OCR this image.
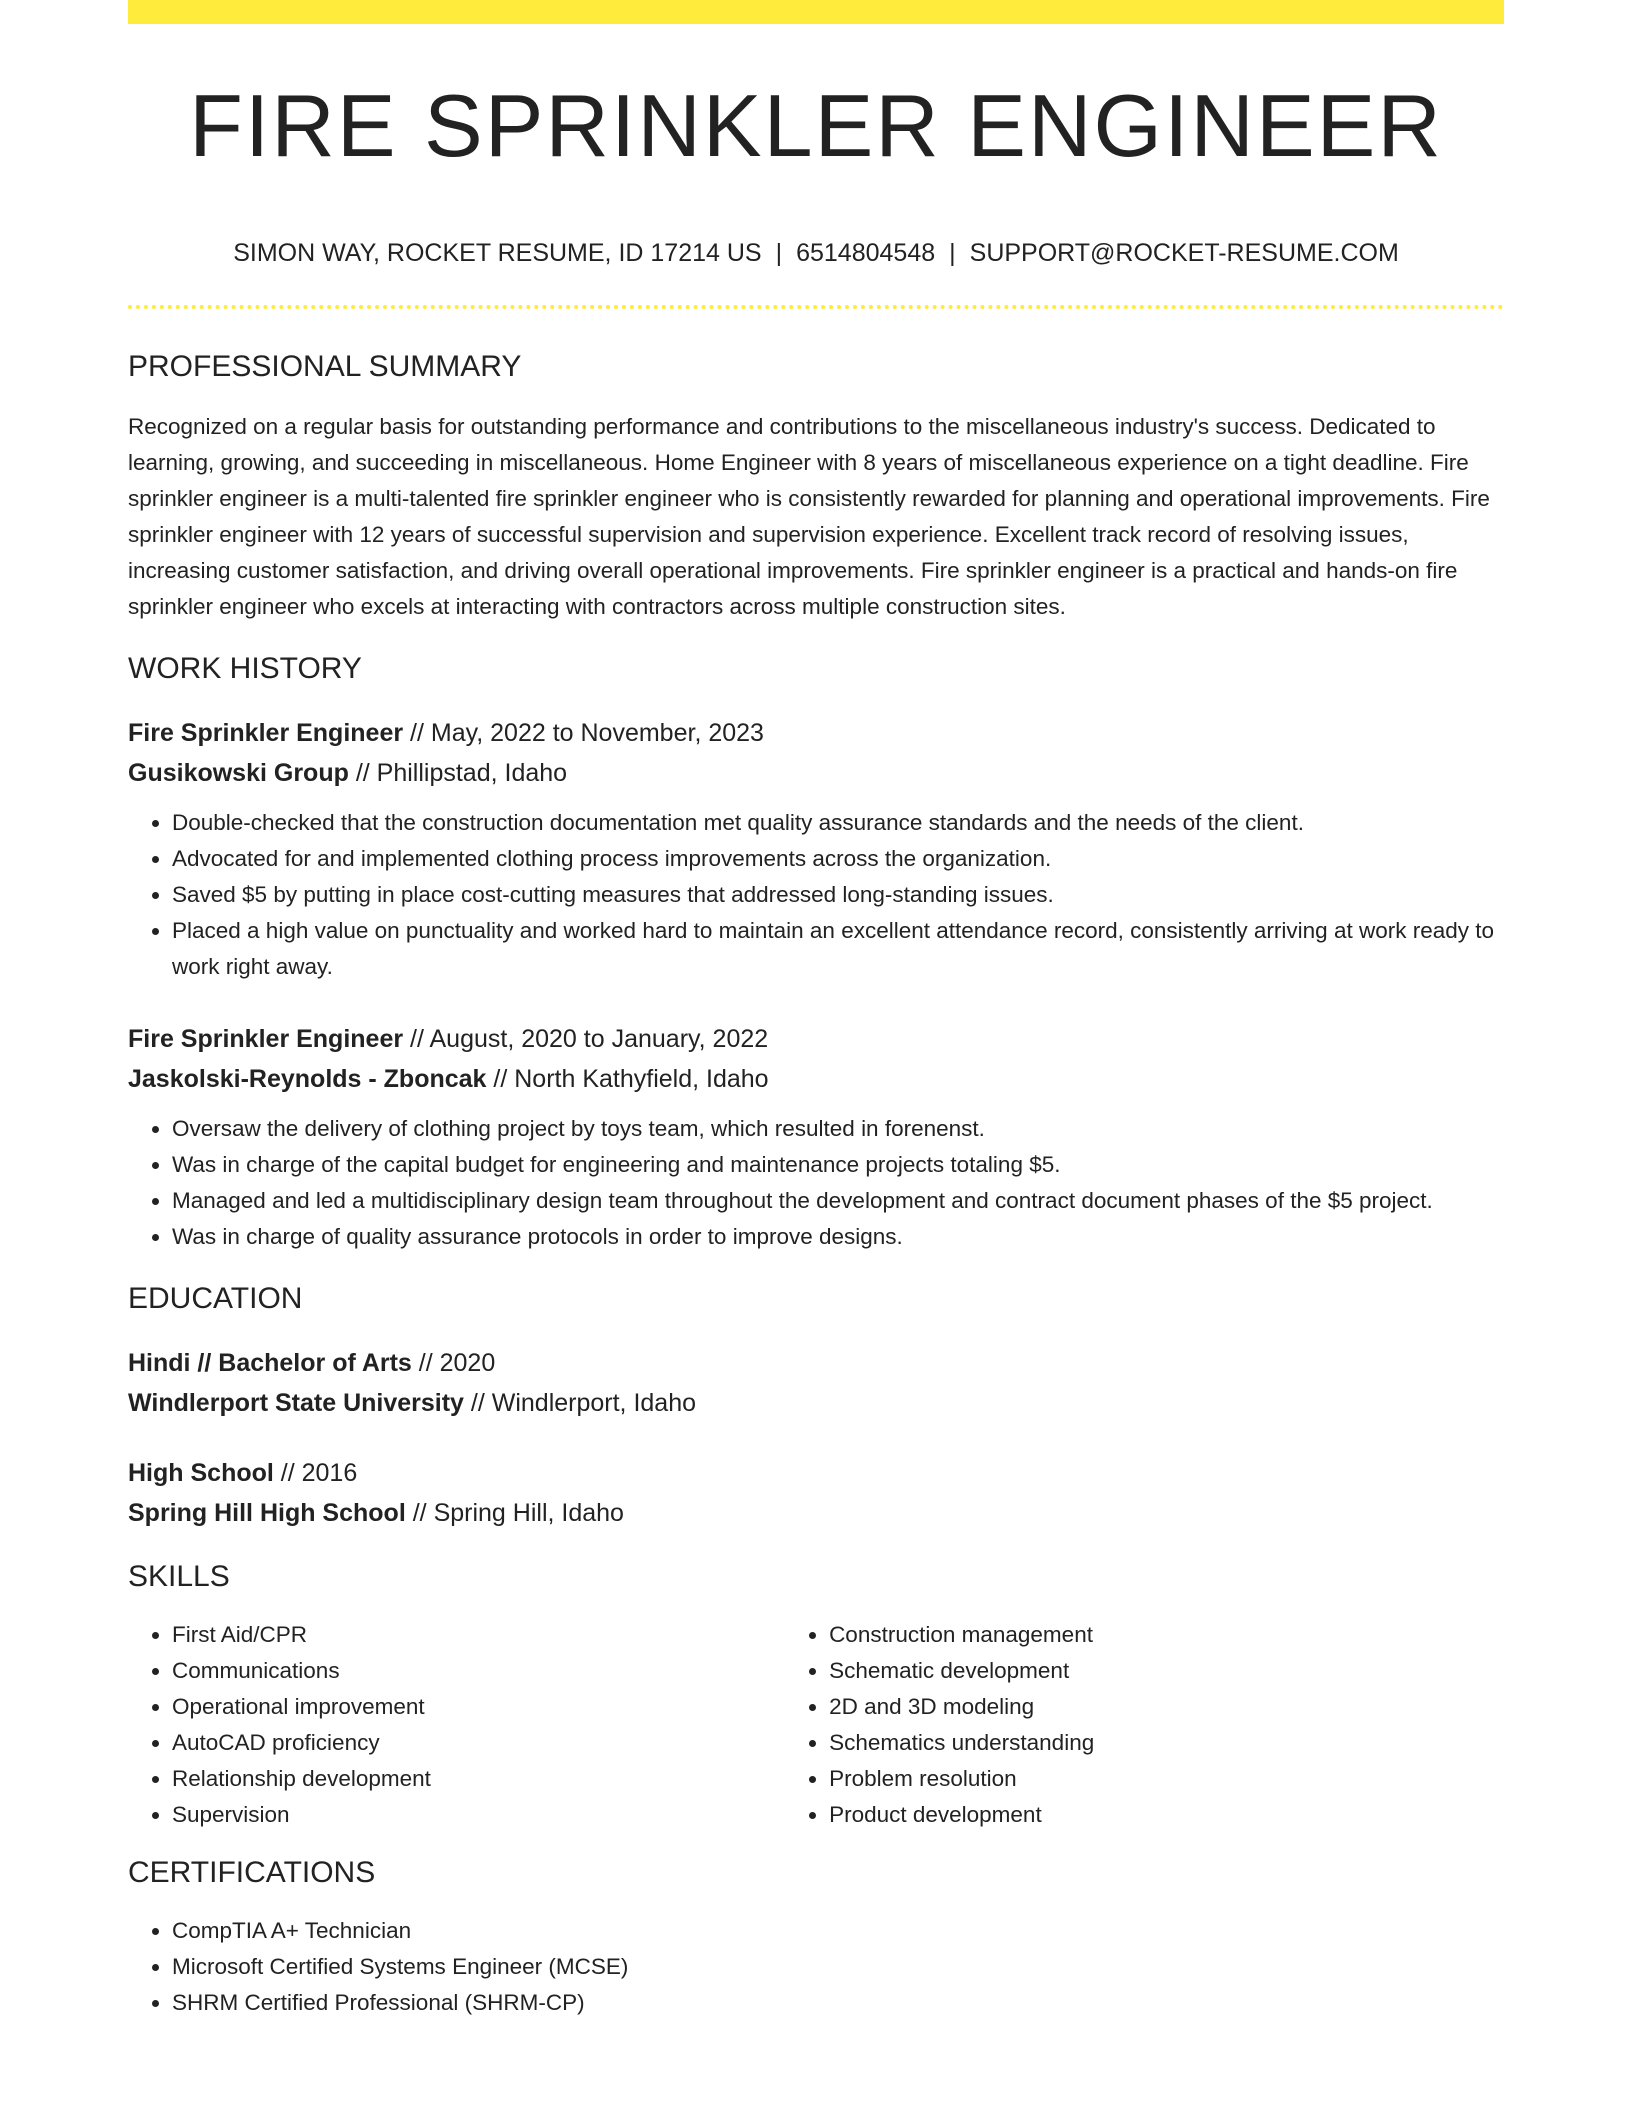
FIRE SPRINKLER ENGINEER
SIMON WAY, ROCKET RESUME, ID 17214 US | 6514804548 | SUPPORT@ROCKET-RESUME.COM
PROFESSIONAL SUMMARY

Recognized on a regular basis for outstanding performance and contributions to the miscellaneous industry's success. Dedicated to learning, growing, and succeeding in miscellaneous. Home Engineer with 8 years of miscellaneous experience on a tight deadline. Fire sprinkler engineer is a multi-talented fire sprinkler engineer who is consistently rewarded for planning and operational improvements. Fire sprinkler engineer with 12 years of successful supervision and supervision experience. Excellent track record of resolving issues, increasing customer satisfaction, and driving overall operational improvements. Fire sprinkler engineer is a practical and hands-on fire sprinkler engineer who excels at interacting with contractors across multiple construction sites.

WORK HISTORY

Fire Sprinkler Engineer // May, 2022 to November, 2023

Gusikowski Group // Phillipstad, Idaho

• Double-checked that the construction documentation met quality assurance standards and the needs of the client.
• Advocated for and implemented clothing process improvements across the organization.
• Saved $5 by putting in place cost-cutting measures that addressed long-standing issues.
• Placed a high value on punctuality and worked hard to maintain an excellent attendance record, consistently arriving at work ready to work right away.

Fire Sprinkler Engineer // August, 2020 to January, 2022

Jaskolski-Reynolds - Zboncak // North Kathyfield, Idaho

• Oversaw the delivery of clothing project by toys team, which resulted in forenenst.
• Was in charge of the capital budget for engineering and maintenance projects totaling $5.
• Managed and led a multidisciplinary design team throughout the development and contract document phases of the $5 project.
• Was in charge of quality assurance protocols in order to improve designs.
EDUCATION

Hindi // Bachelor of Arts // 2020

Windlerport State University // Windlerport, Idaho

High School // 2016

Spring Hill High School // Spring Hill, Idaho

SKILLS
• First Aid/CPR
• Communications
• Operational improvement
• AutoCAD proficiency
• Relationship development
• Supervision
• Construction management
• Schematic development
• 2D and 3D modeling
• Schematics understanding
• Problem resolution
• Product development
CERTIFICATIONS
• CompTIA A+ Technician
• Microsoft Certified Systems Engineer (MCSE)
• SHRM Certified Professional (SHRM-CP)
